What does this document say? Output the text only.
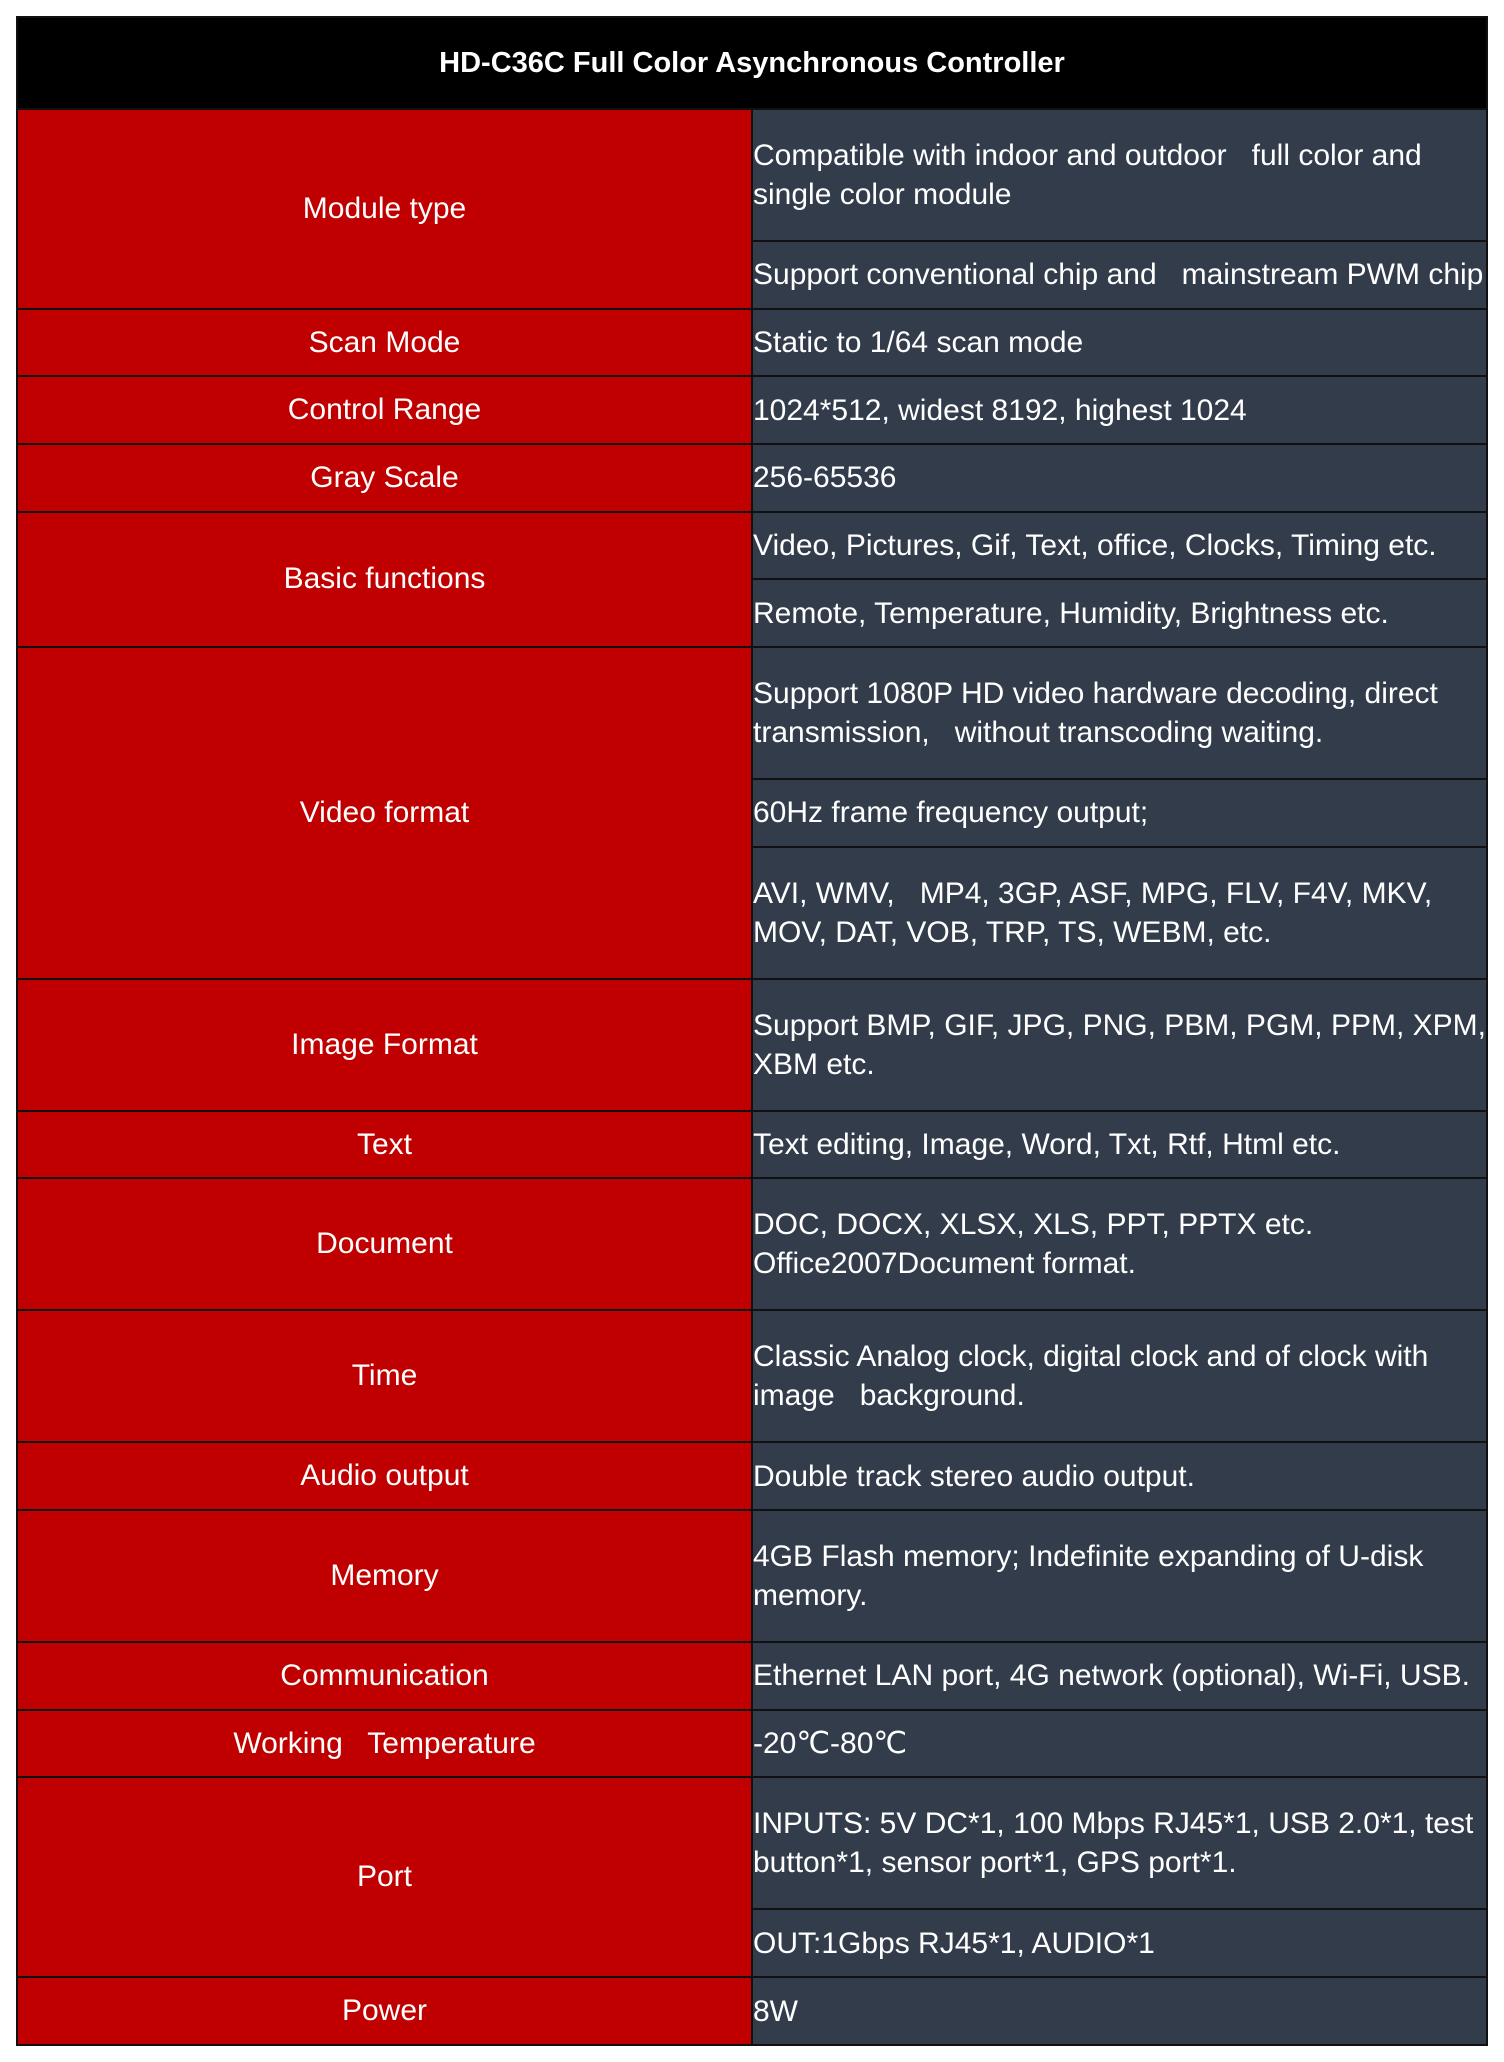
HD-C36C Full Color Asynchronous Controller	
Module type	Compatible with indoor and outdoor   full color and single color module
	Support conventional chip and   mainstream PWM chip
Scan Mode	Static to 1/64 scan mode
Control Range	1024*512, widest 8192, highest 1024
Gray Scale	256-65536
Basic functions	Video, Pictures, Gif, Text, office, Clocks, Timing etc.
	Remote, Temperature, Humidity, Brightness etc.
Video format	Support 1080P HD video hardware decoding, direct transmission,   without transcoding waiting.
	60Hz frame frequency output;
	AVI, WMV,   MP4, 3GP, ASF, MPG, FLV, F4V, MKV, MOV, DAT, VOB, TRP, TS, WEBM, etc.
Image Format	Support BMP, GIF, JPG, PNG, PBM, PGM, PPM, XPM, XBM etc.
Text	Text editing, Image, Word, Txt, Rtf, Html etc.
Document	DOC, DOCX, XLSX, XLS, PPT, PPTX etc. Office2007Document format.
Time	Classic Analog clock, digital clock and of clock with image   background.
Audio output	Double track stereo audio output.
Memory	4GB Flash memory; Indefinite expanding of U-disk memory.
Communication	Ethernet LAN port, 4G network (optional), Wi-Fi, USB.
Working   Temperature	-20℃-80℃
Port	INPUTS: 5V DC*1, 100 Mbps RJ45*1, USB 2.0*1, test button*1, sensor port*1, GPS port*1.
	OUT:1Gbps RJ45*1, AUDIO*1
Power	8W
